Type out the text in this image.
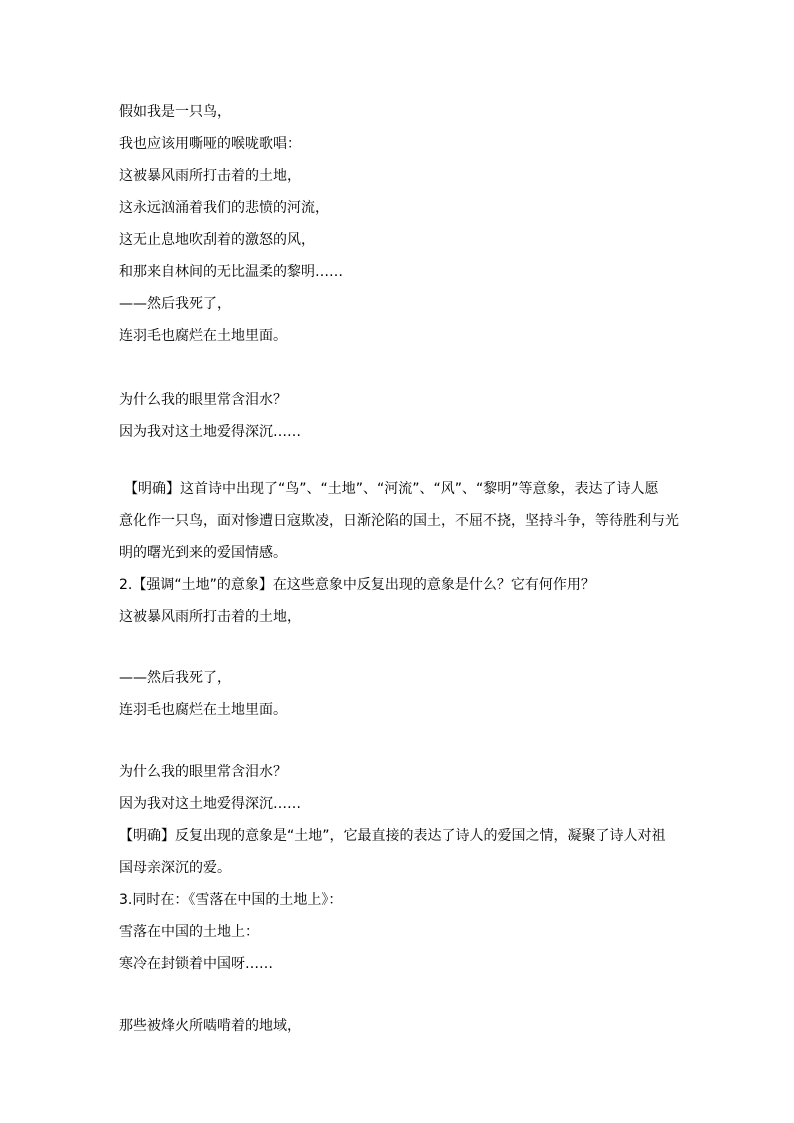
假如我是一只鸟，
我也应该用嘶哑的喉咙歌唱：
这被暴风雨所打击着的土地，
这永远汹涌着我们的悲愤的河流，
这无止息地吹刮着的激怒的风，
和那来自林间的无比温柔的黎明……
——然后我死了，
连羽毛也腐烂在土地里面。
为什么我的眼里常含泪水？
因为我对这土地爱得深沉……
【明确】这首诗中出现了“鸟”、“土地”、“河流”、“风”、“黎明”等意象，表达了诗人愿
意化作一只鸟，面对惨遭日寇欺凌，日渐沦陷的国土，不屈不挠，坚持斗争，等待胜利与光
明的曙光到来的爱国情感。
2.【强调“土地”的意象】在这些意象中反复出现的意象是什么？它有何作用？
这被暴风雨所打击着的土地，
——然后我死了，
连羽毛也腐烂在土地里面。
为什么我的眼里常含泪水？
因为我对这土地爱得深沉……
【明确】反复出现的意象是“土地”，它最直接的表达了诗人的爱国之情，凝聚了诗人对祖
国母亲深沉的爱。
3.同时在：《雪落在中国的土地上》：
雪落在中国的土地上：
寒冷在封锁着中国呀……
那些被烽火所啮啃着的地域，
